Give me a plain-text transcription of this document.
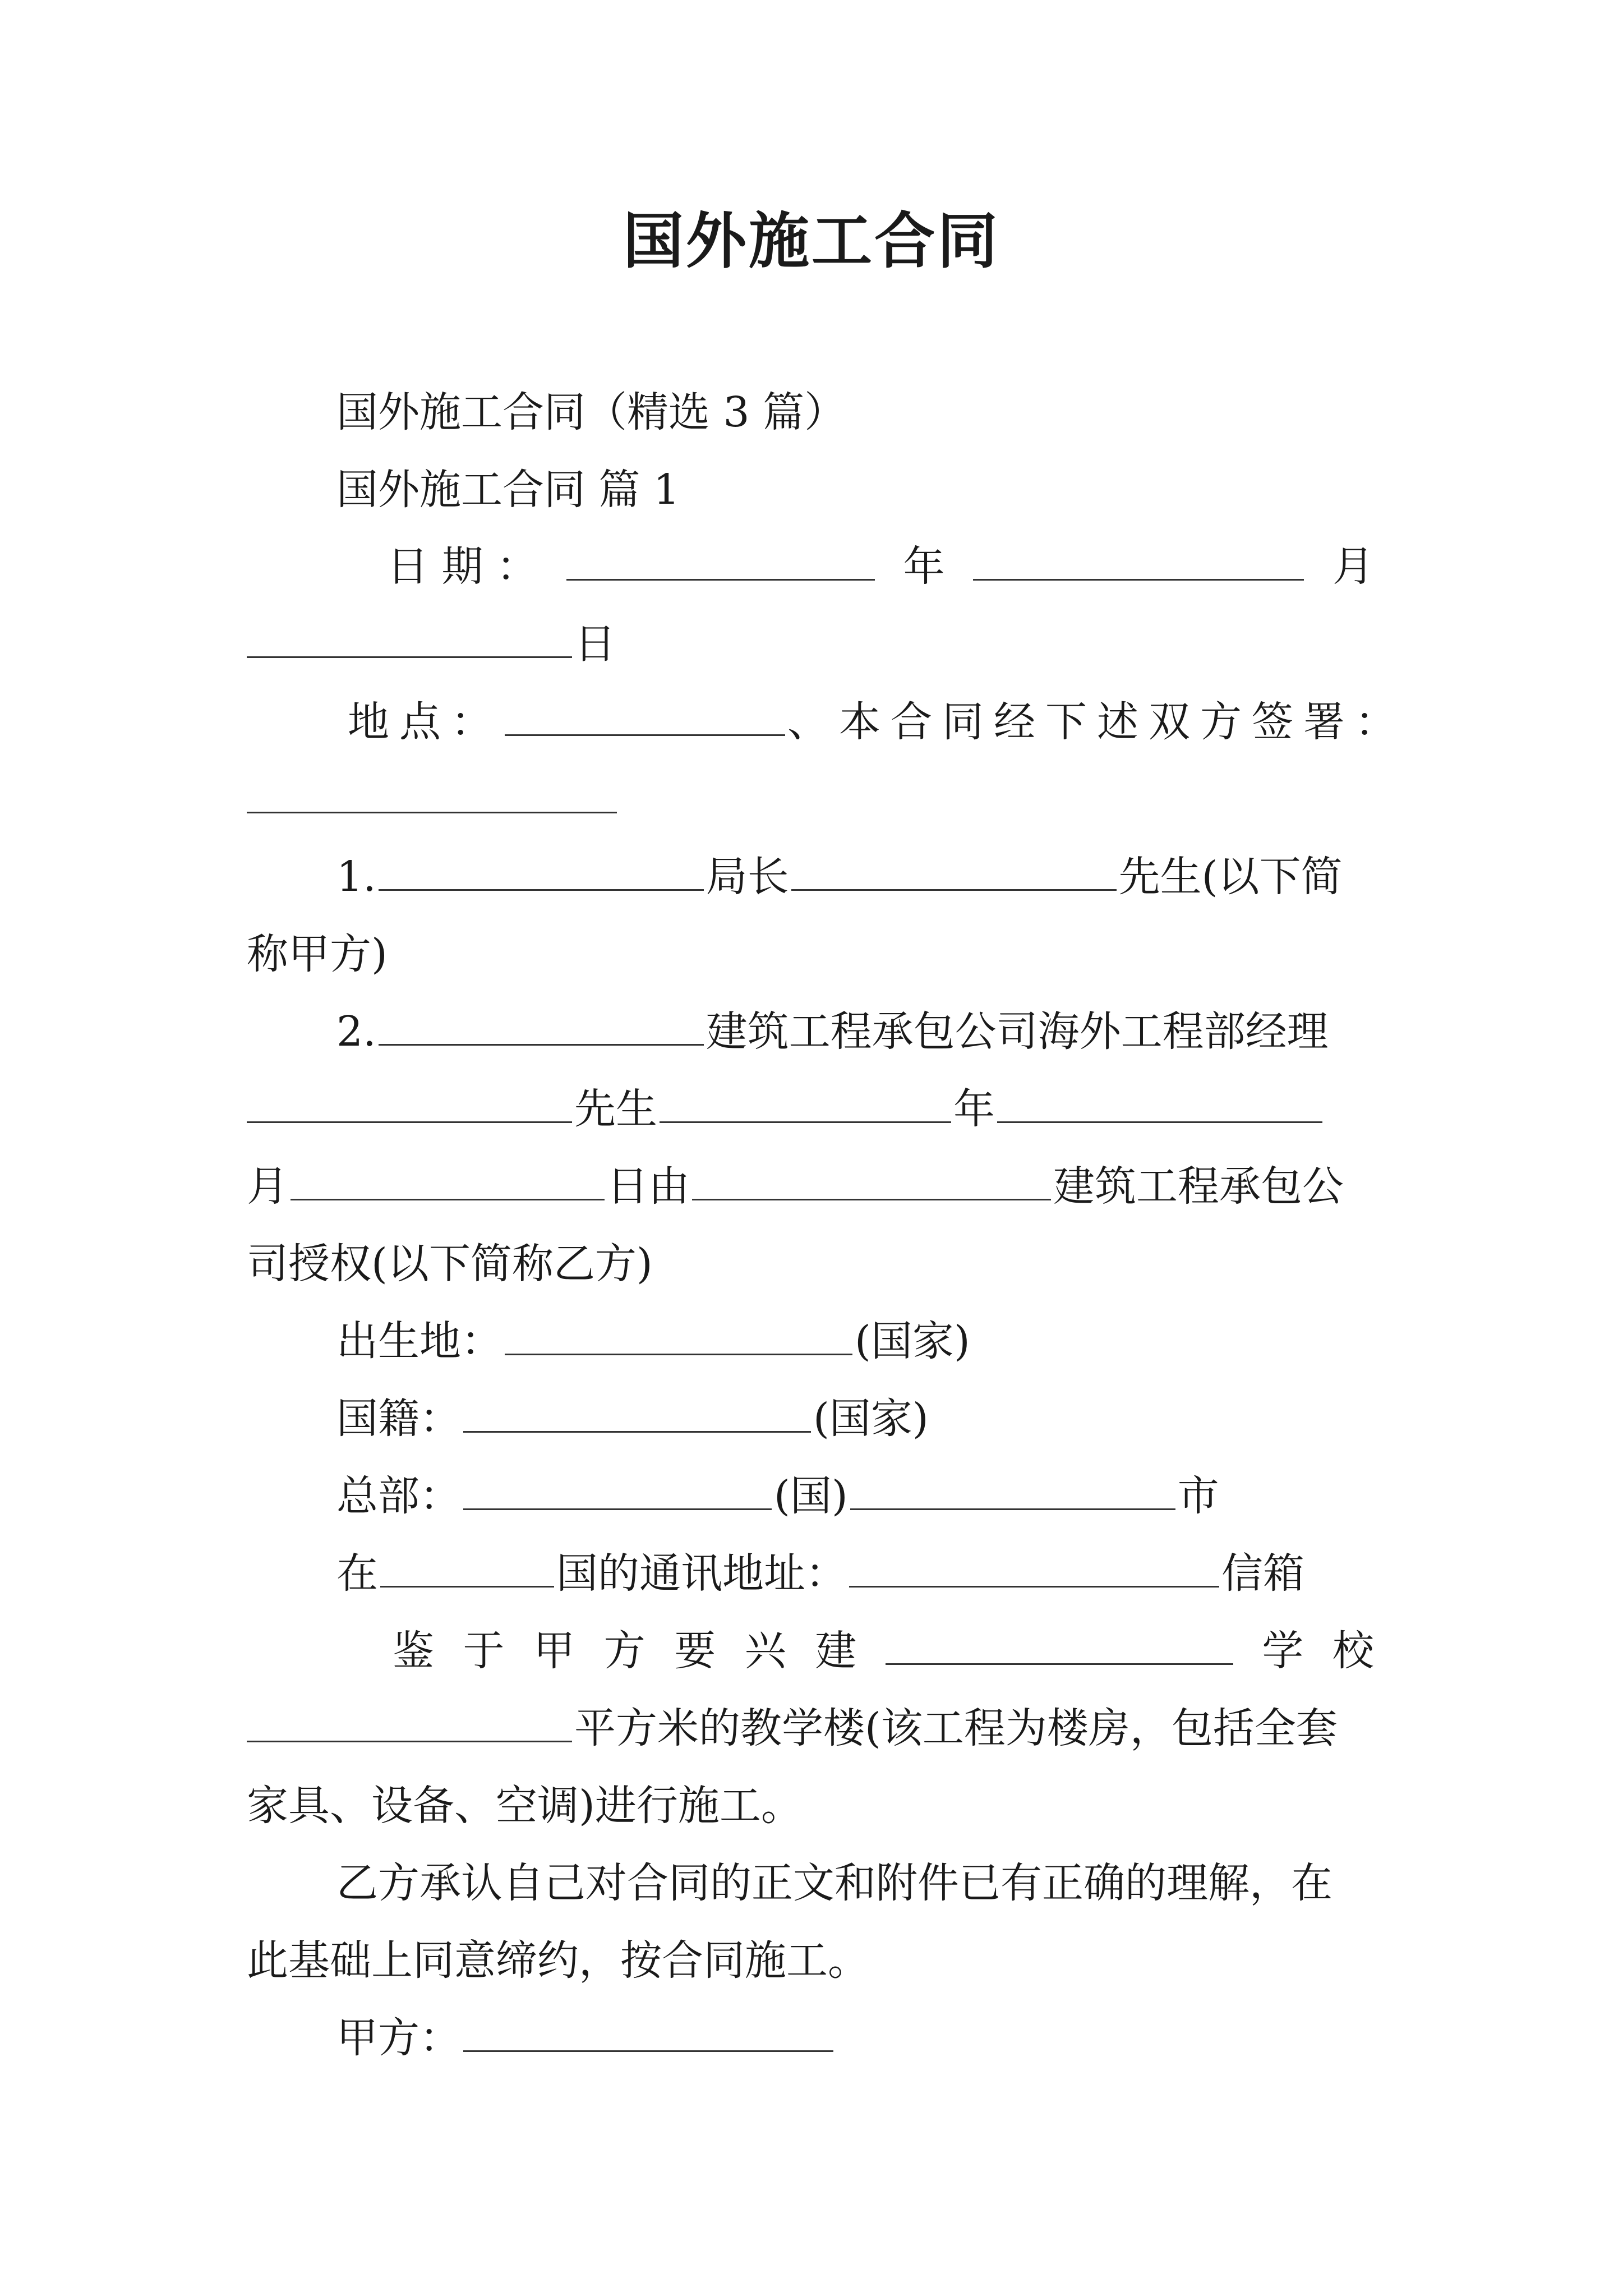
国外施工合同
国外施工合同（精选 3 篇）
国外施工合同 篇 1
日 期 ：	年	月
日
地点：	、本合同经下述双方签署：
1.	局长	先生(以下简
称甲方)
2.	建筑工程承包公司海外工程部经理
先生	年
月	日由	建筑工程承包公
司授权(以下简称乙方)
出生地：	(国家)
国籍：	(国家)
总部：	(国)	市
在	国的通讯地址：	信箱
鉴 于 甲 方 要 兴 建	学 校
平方米的教学楼(该工程为楼房，包括全套
家具、设备、空调)进行施工。
乙方承认自己对合同的正文和附件已有正确的理解，在
此基础上同意缔约，按合同施工。
甲方：
